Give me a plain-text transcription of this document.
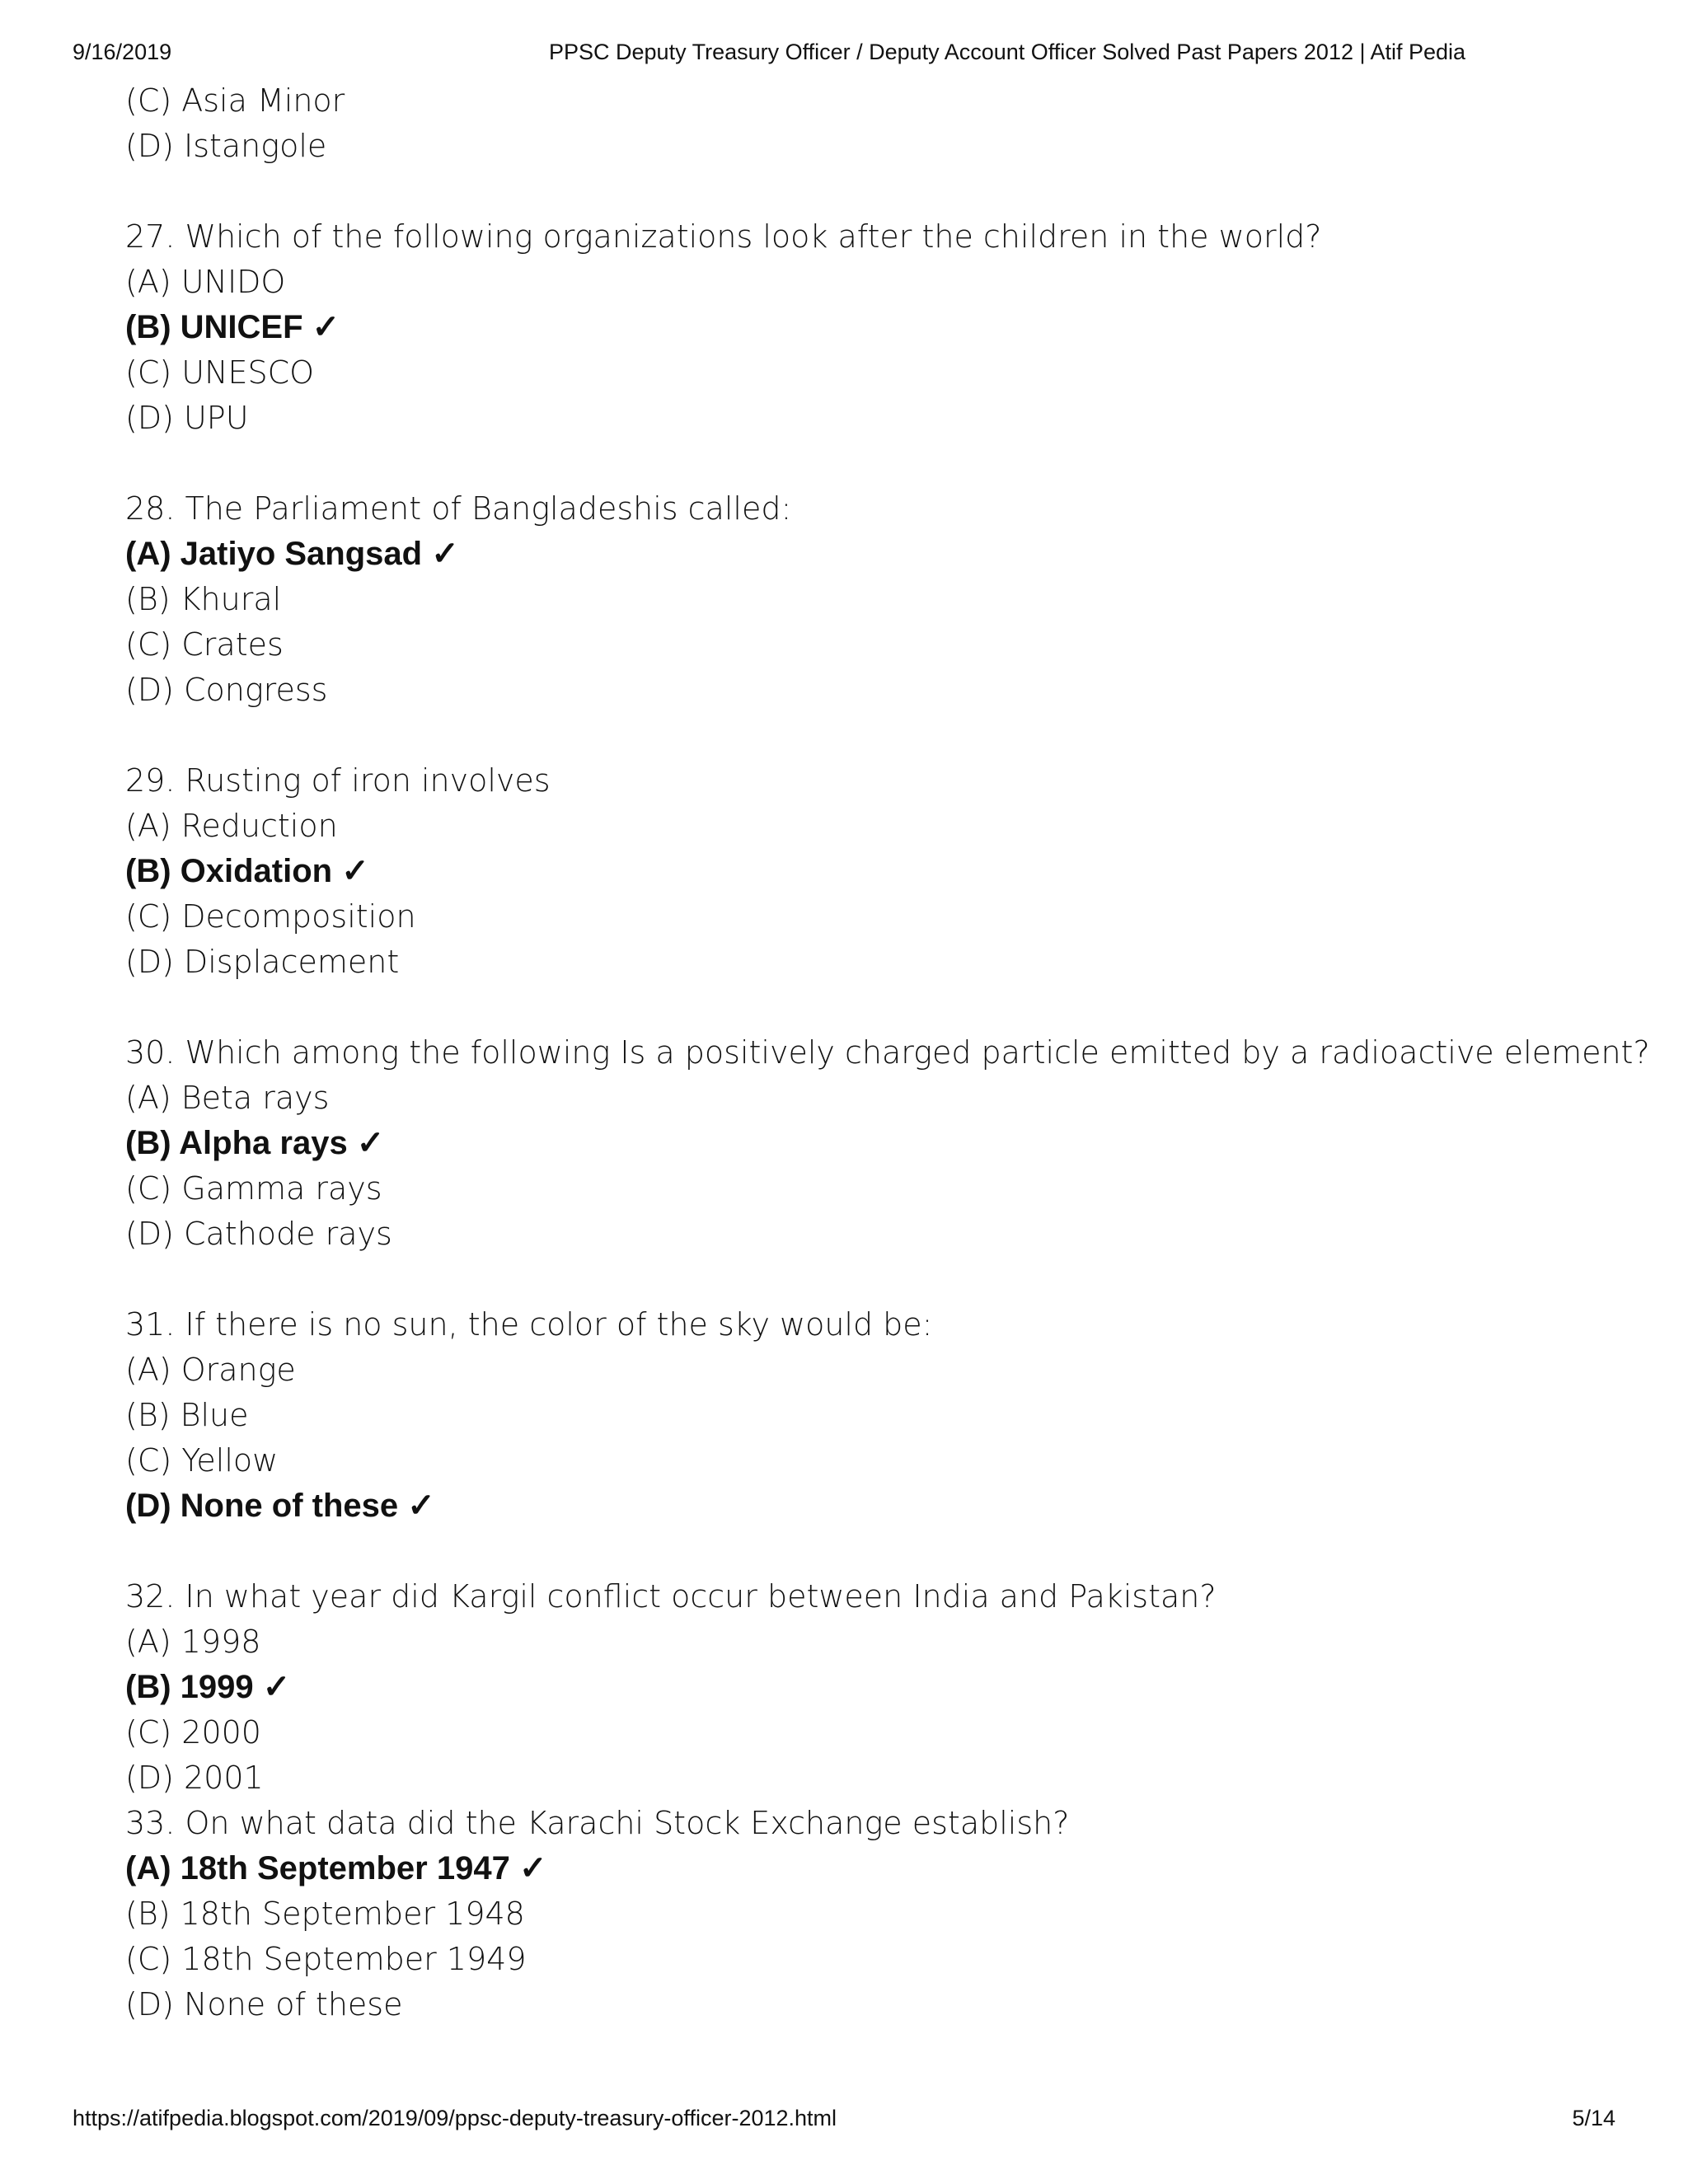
9/16/2019	PPSC Deputy Treasury Officer / Deputy Account Officer Solved Past Papers 2012 | Atif Pedia
(C) Asia Minor
(D) Istangole
27. Which of the following organizations look after the children in the world?
(A) UNIDO
(B) UNICEF ✓
(C) UNESCO
(D) UPU
28. The Parliament of Bangladeshis called:
(A) Jatiyo Sangsad ✓
(B) Khural
(C) Crates
(D) Congress
29. Rusting of iron involves
(A) Reduction
(B) Oxidation ✓
(C) Decomposition
(D) Displacement
30. Which among the following Is a positively charged particle emitted by a radioactive element?
(A) Beta rays
(B) Alpha rays ✓
(C) Gamma rays
(D) Cathode rays
31. If there is no sun, the color of the sky would be:
(A) Orange
(B) Blue
(C) Yellow
(D) None of these ✓
32. In what year did Kargil conflict occur between India and Pakistan?
(A) 1998
(B) 1999 ✓
(C) 2000
(D) 2001
33. On what data did the Karachi Stock Exchange establish?
(A) 18th September 1947 ✓
(B) 18th September 1948
(C) 18th September 1949
(D) None of these
https://atifpedia.blogspot.com/2019/09/ppsc-deputy-treasury-officer-2012.html	5/14
